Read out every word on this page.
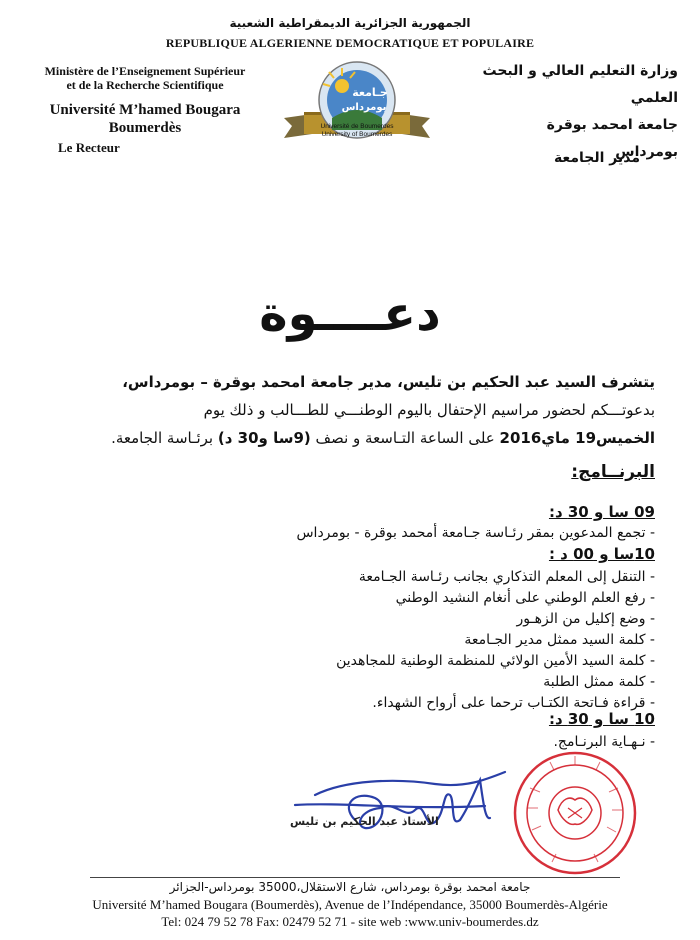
الجمهورية الجزائرية الديمقراطية الشعبية
REPUBLIQUE ALGERIENNE DEMOCRATIQUE ET POPULAIRE
Ministère de l’Enseignement Supérieur
et de la Recherche Scientifique
Université M’hamed Bougara
Boumerdès
Le Recteur
وزارة التعليم العالي و البحث العلمي
جامعة امحمد بوقرة
بومرداس
مدير الجامعة
جـامعة
بومرداس
Université de Boumerdes
University of Boumerdes
دعــــوة
يتشرف السيد عبد الحكيم بن تليس، مدير جامعة امحمد بوقرة – بومرداس،
بدعوتـــكم لحضور مراسيم الإحتفال باليوم الوطنـــي للطـــالب و ذلك يوم
الخميس19 ماي2016 على الساعة التـاسعة و نصف (9سا و30 د) برئـاسة الجامعة.
البرنــامج:
09 سا و 30 د:
- تجمع المدعوين بمقر رئـاسة جـامعة أمحمد بوقرة - بومرداس
10سا و 00 د :
- التنقل إلى المعلم التذكاري بجانب رئـاسة الجـامعة
- رفع العلم الوطني على أنغام النشيد الوطني
- وضع إكليل من الزهـور
- كلمة السيد ممثل مدير الجـامعة
- كلمة السيد الأمين الولائي للمنظمة الوطنية للمجاهدين
- كلمة ممثل الطلبة
- قراءة فـاتحة الكتـاب ترحما على أرواح الشهداء.
10 سا و 30 د:
- نـهـاية البرنـامج.
الأستاذ عبد الحكيم بن تليس
جامعة امحمد بوقرة بومرداس، شارع الاستقلال،35000 بومرداس-الجزائر
Université M’hamed Bougara (Boumerdès), Avenue de l’Indépendance, 35000 Boumerdès-Algérie
Tel: 024 79 52 78 Fax: 02479 52 71 - site web :www.univ-boumerdes.dz
